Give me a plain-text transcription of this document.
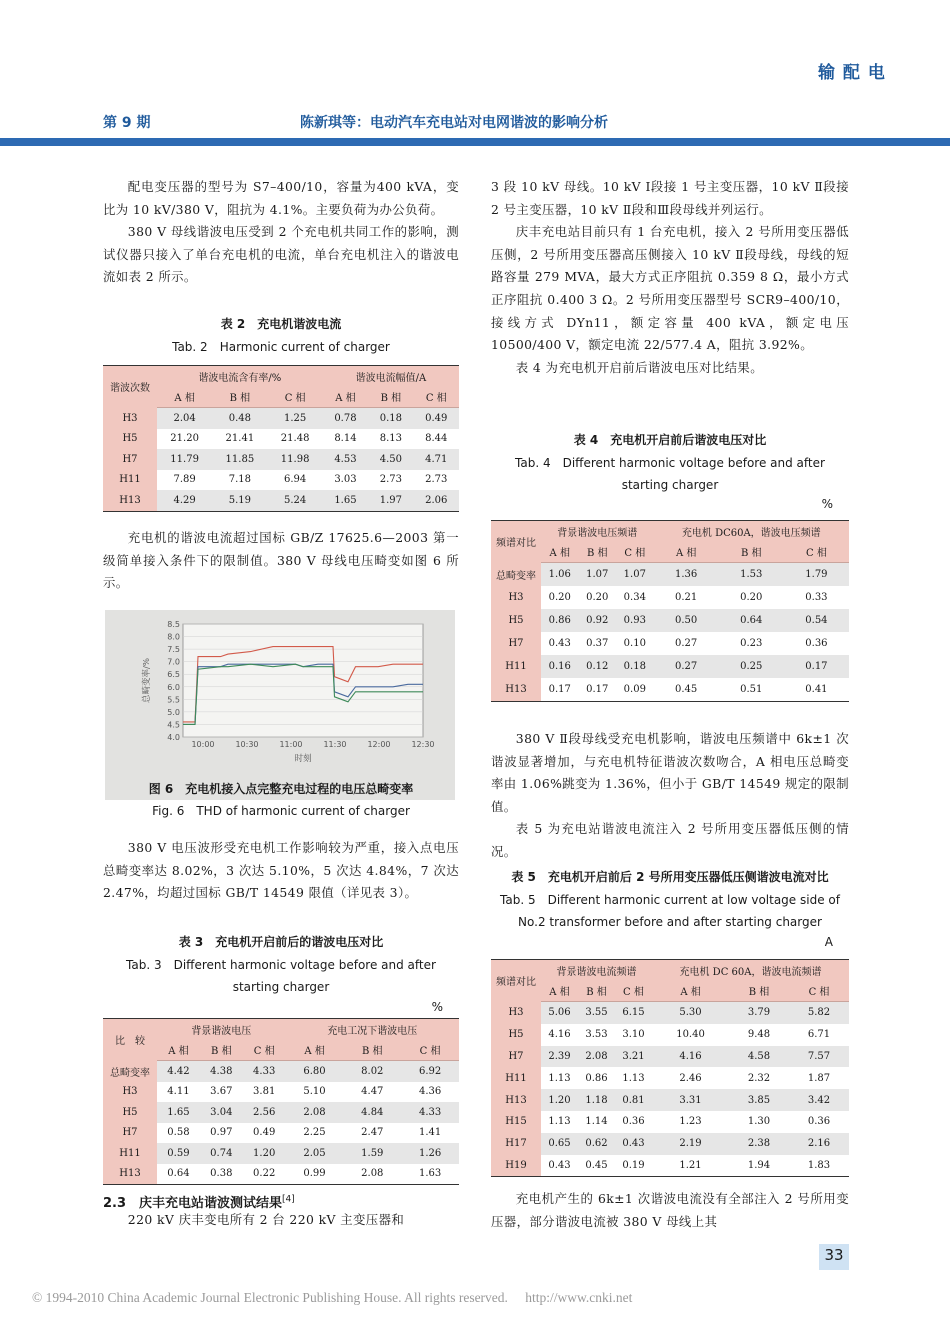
输 配 电
第 9 期	陈新琪等：电动汽车充电站对电网谐波的影响分析

配电变压器的型号为 S7–400/10，容量为400 kVA，变比为 10 kV/380 V，阻抗为 4.1%。主要负荷为办公负荷。

380 V 母线谐波电压受到 2 个充电机共同工作的影响，测试仪器只接入了单台充电机的电流，单台充电机注入的谐波电流如表 2 所示。

表 2　充电机谐波电流
Tab. 2　Harmonic current of charger
谐波次数	谐波电流含有率/%			谐波电流幅值/A		
	A 相	B 相	C 相	A 相	B 相	C 相
H3	2.04	0.48	1.25	0.78	0.18	0.49
H5	21.20	21.41	21.48	8.14	8.13	8.44
H7	11.79	11.85	11.98	4.53	4.50	4.71
H11	7.89	7.18	6.94	3.03	2.73	2.73
H13	4.29	5.19	5.24	1.65	1.97	2.06

充电机的谐波电流超过国标 GB/Z 17625.6—2003 第一级简单接入条件下的限制值。380 V 母线电压畸变如图 6 所示。

4.0
4.5
5.0
5.5
6.0
6.5
7.0
7.5
8.0
8.5
10:00	10:30	11:00	11:30	12:00	12:30
时刻
总畸变率/%
图 6　充电机接入点完整充电过程的电压总畸变率
Fig. 6　THD of harmonic current of charger

380 V 电压波形受充电机工作影响较为严重，接入点电压总畸变率达 8.02%，3 次达 5.10%，5 次达 4.84%，7 次达 2.47%，均超过国标 GB/T 14549 限值（详见表 3）。

表 3　充电机开启前后的谐波电压对比
Tab. 3　Different harmonic voltage before and after starting charger
%
比　较	背景谐波电压			充电工况下谐波电压		
	A 相	B 相	C 相	A 相	B 相	C 相
总畸变率	4.42	4.38	4.33	6.80	8.02	6.92
H3	4.11	3.67	3.81	5.10	4.47	4.36
H5	1.65	3.04	2.56	2.08	4.84	4.33
H7	0.58	0.97	0.49	2.25	2.47	1.41
H11	0.59	0.74	1.20	2.05	1.59	1.26
H13	0.64	0.38	0.22	0.99	2.08	1.63
2.3　庆丰充电站谐波测试结果[4]

220 kV 庆丰变电所有 2 台 220 kV 主变压器和

3 段 10 kV 母线。10 kV Ⅰ段接 1 号主变压器，10 kV Ⅱ段接 2 号主变压器，10 kV Ⅱ段和Ⅲ段母线并列运行。

庆丰充电站目前只有 1 台充电机，接入 2 号所用变压器低压侧，2 号所用变压器高压侧接入 10 kV Ⅱ段母线，母线的短路容量 279 MVA，最大方式正序阻抗 0.359 8 Ω，最小方式正序阻抗 0.400 3 Ω。2 号所用变压器型号 SCR9–400/10，接线方式 DYn11，额定容量 400 kVA，额定电压 10500/400 V，额定电流 22/577.4 A，阻抗 3.92%。

表 4 为充电机开启前后谐波电压对比结果。

表 4　充电机开启前后谐波电压对比
Tab. 4　Different harmonic voltage before and after starting charger
%
频谱对比	背景谐波电压频谱			充电机 DC60A，谐波电压频谱		
	A 相	B 相	C 相	A 相	B 相	C 相
总畸变率	1.06	1.07	1.07	1.36	1.53	1.79
H3	0.20	0.20	0.34	0.21	0.20	0.33
H5	0.86	0.92	0.93	0.50	0.64	0.54
H7	0.43	0.37	0.10	0.27	0.23	0.36
H11	0.16	0.12	0.18	0.27	0.25	0.17
H13	0.17	0.17	0.09	0.45	0.51	0.41

380 V Ⅱ段母线受充电机影响，谐波电压频谱中 6k±1 次谐波显著增加，与充电机特征谐波次数吻合，A 相电压总畸变率由 1.06%跳变为 1.36%，但小于 GB/T 14549 规定的限制值。

表 5 为充电站谐波电流注入 2 号所用变压器低压侧的情况。

表 5　充电机开启前后 2 号所用变压器低压侧谐波电流对比
Tab. 5　Different harmonic current at low voltage side of No.2 transformer before and after starting charger
A
频谱对比	背景谐波电流频谱			充电机 DC 60A，谐波电流频谱		
	A 相	B 相	C 相	A 相	B 相	C 相
H3	5.06	3.55	6.15	5.30	3.79	5.82
H5	4.16	3.53	3.10	10.40	9.48	6.71
H7	2.39	2.08	3.21	4.16	4.58	7.57
H11	1.13	0.86	1.13	2.46	2.32	1.87
H13	1.20	1.18	0.81	3.31	3.85	3.42
H15	1.13	1.14	0.36	1.23	1.30	0.36
H17	0.65	0.62	0.43	2.19	2.38	2.16
H19	0.43	0.45	0.19	1.21	1.94	1.83

充电机产生的 6k±1 次谐波电流没有全部注入 2 号所用变压器，部分谐波电流被 380 V 母线上其

33
© 1994-2010 China Academic Journal Electronic Publishing House. All rights reserved. http://www.cnki.net
